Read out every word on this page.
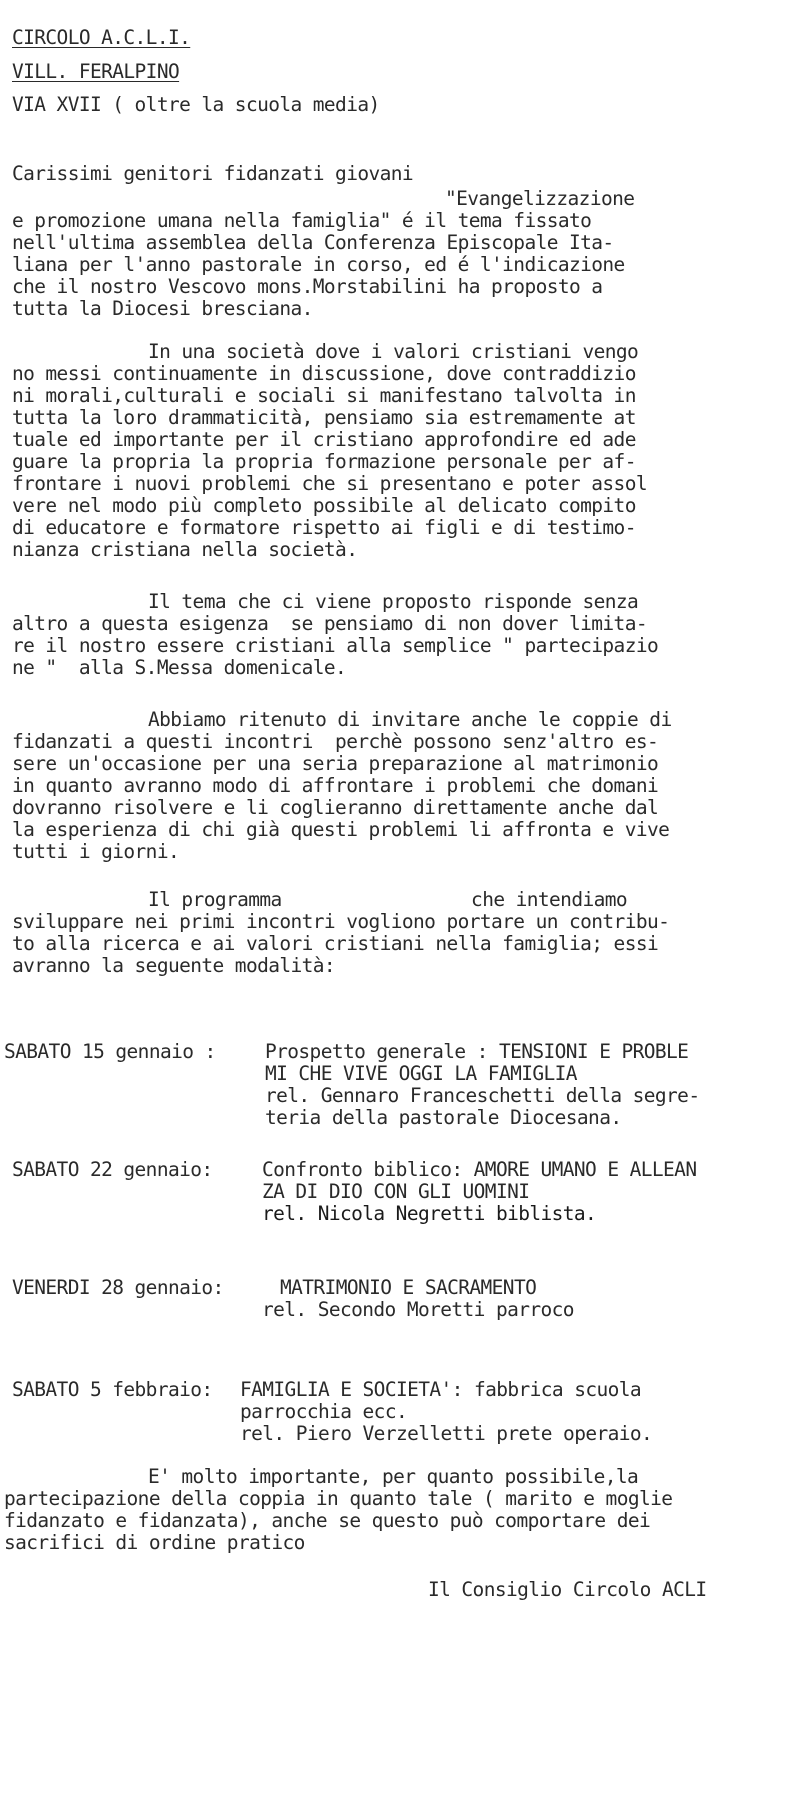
CIRCOLO A.C.L.I.
VILL. FERALPINO
VIA XVII ( oltre la scuola media)
Carissimi genitori fidanzati giovani
"Evangelizzazione
e promozione umana nella famiglia" é il tema fissato
nell'ultima assemblea della Conferenza Episcopale Ita-
liana per l'anno pastorale in corso, ed é l'indicazione
che il nostro Vescovo mons.Morstabilini ha proposto a
tutta la Diocesi bresciana.
In una società dove i valori cristiani vengo
no messi continuamente in discussione, dove contraddizio
ni morali,culturali e sociali si manifestano talvolta in
tutta la loro drammaticità, pensiamo sia estremamente at
tuale ed importante per il cristiano approfondire ed ade
guare la propria la propria formazione personale per af-
frontare i nuovi problemi che si presentano e poter assol
vere nel modo più completo possibile al delicato compito
di educatore e formatore rispetto ai figli e di testimo-
nianza cristiana nella società.
Il tema che ci viene proposto risponde senza
altro a questa esigenza  se pensiamo di non dover limita-
re il nostro essere cristiani alla semplice " partecipazio
ne "  alla S.Messa domenicale.
Abbiamo ritenuto di invitare anche le coppie di
fidanzati a questi incontri  perchè possono senz'altro es-
sere un'occasione per una seria preparazione al matrimonio
in quanto avranno modo di affrontare i problemi che domani
dovranno risolvere e li coglieranno direttamente anche dal
la esperienza di chi già questi problemi li affronta e vive
tutti i giorni.
Il programma                 che intendiamo
sviluppare nei primi incontri vogliono portare un contribu-
to alla ricerca e ai valori cristiani nella famiglia; essi
avranno la seguente modalità:
SABATO 15 gennaio :	Prospetto generale : TENSIONI E PROBLE
MI CHE VIVE OGGI LA FAMIGLIA
rel. Gennaro Franceschetti della segre-
teria della pastorale Diocesana.
SABATO 22 gennaio:	Confronto biblico: AMORE UMANO E ALLEAN
ZA DI DIO CON GLI UOMINI
rel. Nicola Negretti biblista.
VENERDI 28 gennaio:	MATRIMONIO E SACRAMENTO
rel. Secondo Moretti parroco
SABATO 5 febbraio: FAMIGLIA E SOCIETA': fabbrica scuola
parrocchia ecc.
rel. Piero Verzelletti prete operaio.
E' molto importante, per quanto possibile,la
partecipazione della coppia in quanto tale ( marito e moglie
fidanzato e fidanzata), anche se questo può comportare dei
sacrifici di ordine pratico
Il Consiglio Circolo ACLI
